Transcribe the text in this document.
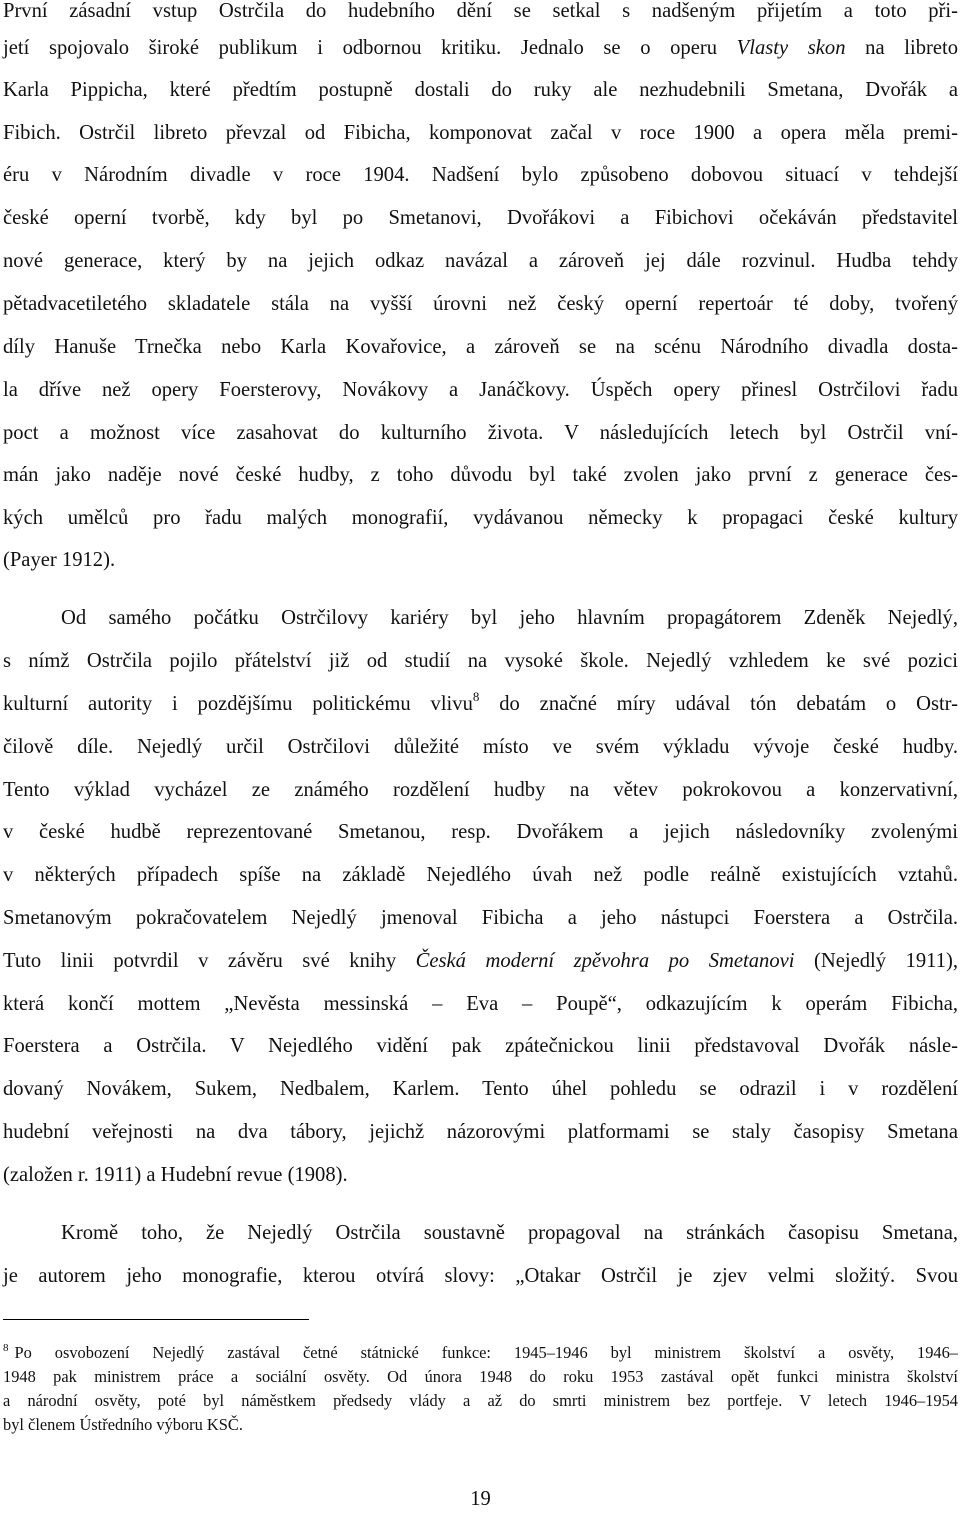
První zásadní vstup Ostrčila do hudebního dění se setkal s nadšeným přijetím a toto při-
jetí spojovalo široké publikum i odbornou kritiku. Jednalo se o operu Vlasty skon na libreto
Karla Pippicha, které předtím postupně dostali do ruky ale nezhudebnili Smetana, Dvořák a
Fibich. Ostrčil libreto převzal od Fibicha, komponovat začal v roce 1900 a opera měla premi-
éru v Národním divadle v roce 1904. Nadšení bylo způsobeno dobovou situací v tehdejší
české operní tvorbě, kdy byl po Smetanovi, Dvořákovi a Fibichovi očekáván představitel
nové generace, který by na jejich odkaz navázal a zároveň jej dále rozvinul. Hudba tehdy
pětadvacetiletého skladatele stála na vyšší úrovni než český operní repertoár té doby, tvořený
díly Hanuše Trnečka nebo Karla Kovařovice, a zároveň se na scénu Národního divadla dosta-
la dříve než opery Foersterovy, Novákovy a Janáčkovy. Úspěch opery přinesl Ostrčilovi řadu
poct a možnost více zasahovat do kulturního života. V následujících letech byl Ostrčil vní-
mán jako naděje nové české hudby, z toho důvodu byl také zvolen jako první z generace čes-
kých umělců pro řadu malých monografií, vydávanou německy k propagaci české kultury
(Payer 1912).
Od samého počátku Ostrčilovy kariéry byl jeho hlavním propagátorem Zdeněk Nejedlý,
s nímž Ostrčila pojilo přátelství již od studií na vysoké škole. Nejedlý vzhledem ke své pozici
kulturní autority i pozdějšímu politickému vlivu$^8$ do značné míry udával tón debatám o Ostr-
čilově díle. Nejedlý určil Ostrčilovi důležité místo ve svém výkladu vývoje české hudby.
Tento výklad vycházel ze známého rozdělení hudby na větev pokrokovou a konzervativní,
v české hudbě reprezentované Smetanou, resp. Dvořákem a jejich následovníky zvolenými
v některých případech spíše na základě Nejedlého úvah než podle reálně existujících vztahů.
Smetanovým pokračovatelem Nejedlý jmenoval Fibicha a jeho nástupci Foerstera a Ostrčila.
Tuto linii potvrdil v závěru své knihy Česká moderní zpěvohra po Smetanovi (Nejedlý 1911),
která končí mottem „Nevěsta messinská – Eva – Poupě“, odkazujícím k operám Fibicha,
Foerstera a Ostrčila. V Nejedlého vidění pak zpátečnickou linii představoval Dvořák násle-
dovaný Novákem, Sukem, Nedbalem, Karlem. Tento úhel pohledu se odrazil i v rozdělení
hudební veřejnosti na dva tábory, jejichž názorovými platformami se staly časopisy Smetana
(založen r. 1911) a Hudební revue (1908).
Kromě toho, že Nejedlý Ostrčila soustavně propagoval na stránkách časopisu Smetana,
je autorem jeho monografie, kterou otvírá slovy: „Otakar Ostrčil je zjev velmi složitý. Svou
$^8$ Po osvobození Nejedlý zastával četné státnické funkce: 1945–1946 byl ministrem školství a osvěty, 1946–
1948 pak ministrem práce a sociální osvěty. Od února 1948 do roku 1953 zastával opět funkci ministra školství
a národní osvěty, poté byl náměstkem předsedy vlády a až do smrti ministrem bez portfeje. V letech 1946–1954
byl členem Ústředního výboru KSČ.
19
